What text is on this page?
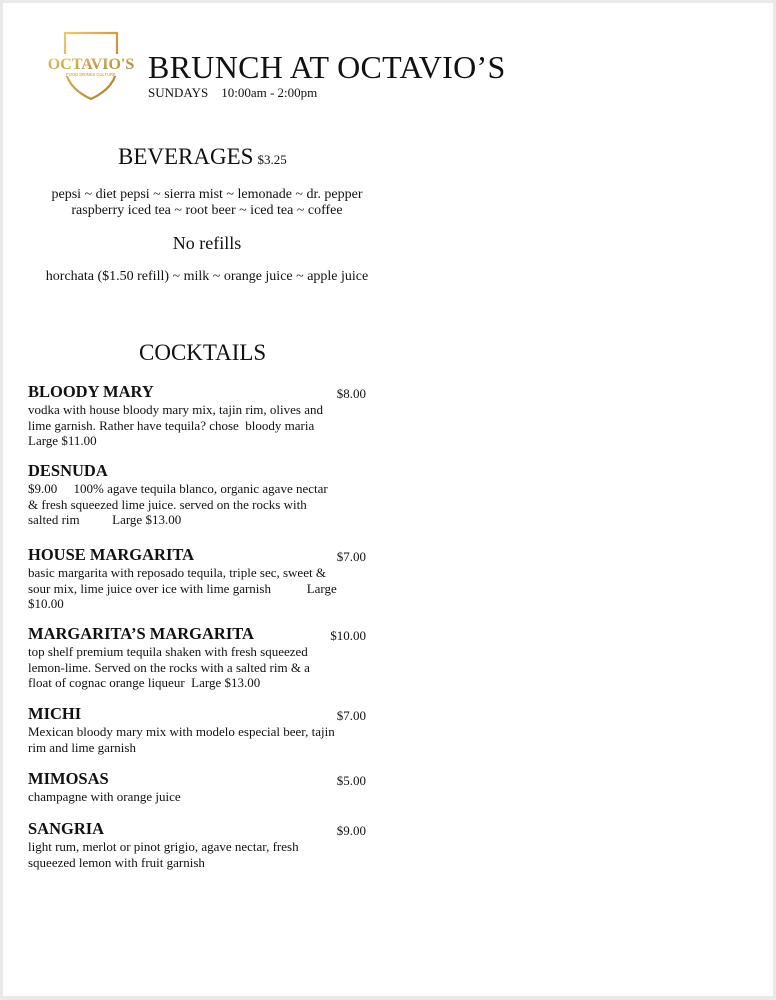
OCTAVIO'S
FOOD DRINKS CULTURE BRUNCH AT OCTAVIO’S
SUNDAYS    10:00am - 2:00pm
BEVERAGES $3.25
pepsi ~ diet pepsi ~ sierra mist ~ lemonade ~ dr. pepper
raspberry iced tea ~ root beer ~ iced tea ~ coffee
No refills
horchata ($1.50 refill) ~ milk ~ orange juice ~ apple juice
COCKTAILS
BLOODY MARY	$8.00
vodka with house bloody mary mix, tajin rim, olives and
lime garnish. Rather have tequila? chose  bloody maria
Large $11.00
DESNUDA
$9.00     100% agave tequila blanco, organic agave nectar
& fresh squeezed lime juice. served on the rocks with
salted rim          Large $13.00
HOUSE MARGARITA	$7.00
basic margarita with reposado tequila, triple sec, sweet &
sour mix, lime juice over ice with lime garnish           Large
$10.00
MARGARITA’S MARGARITA	$10.00
top shelf premium tequila shaken with fresh squeezed
lemon-lime. Served on the rocks with a salted rim & a
float of cognac orange liqueur  Large $13.00
MICHI	$7.00
Mexican bloody mary mix with modelo especial beer, tajin
rim and lime garnish
MIMOSAS	$5.00
champagne with orange juice
SANGRIA	$9.00
light rum, merlot or pinot grigio, agave nectar, fresh
squeezed lemon with fruit garnish
